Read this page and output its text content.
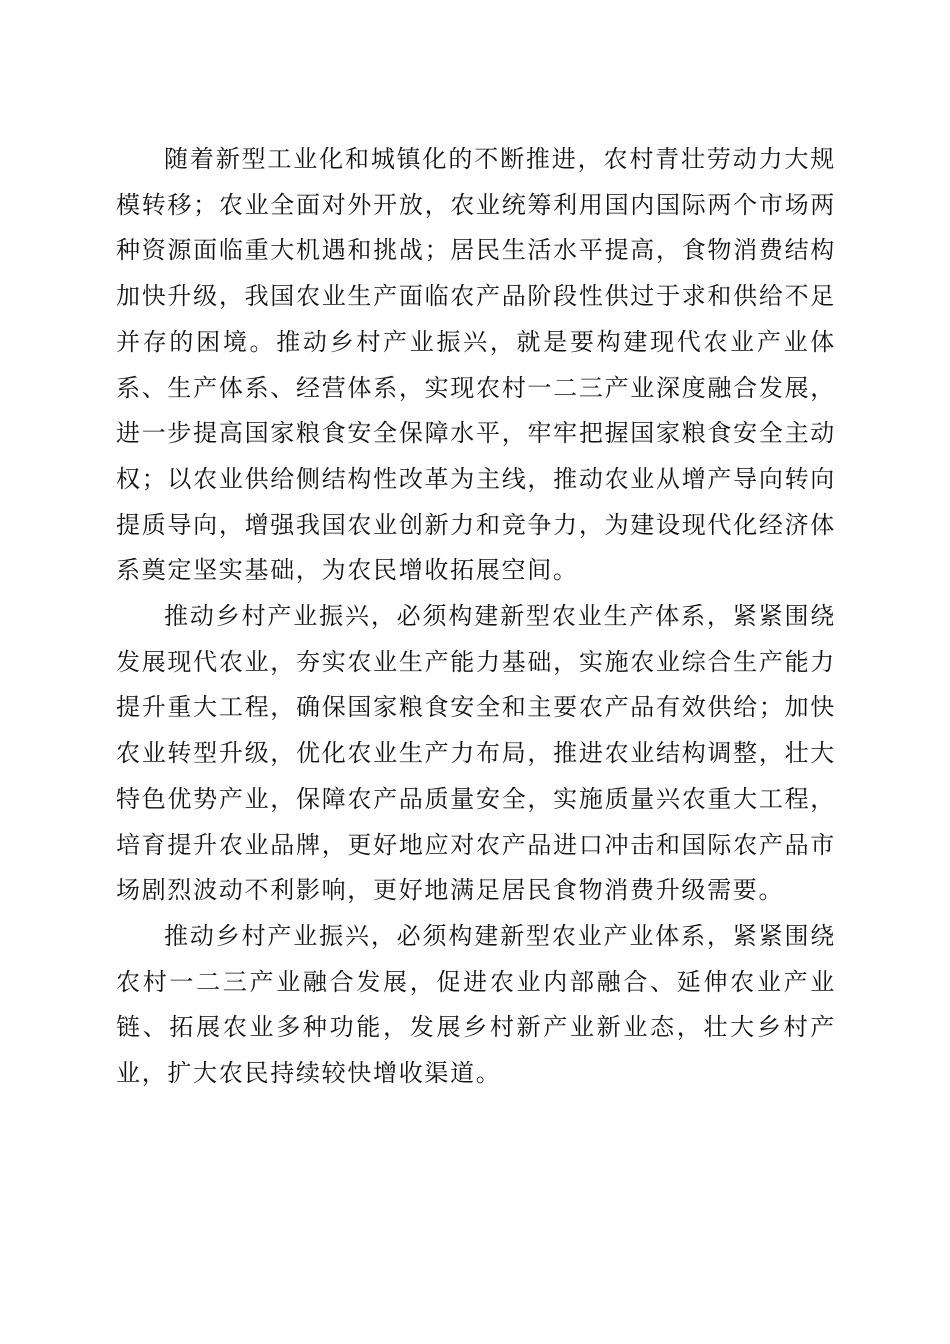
随着新型工业化和城镇化的不断推进，农村青壮劳动力大规模转移；农业全面对外开放，农业统筹利用国内国际两个市场两种资源面临重大机遇和挑战；居民生活水平提高，食物消费结构加快升级，我国农业生产面临农产品阶段性供过于求和供给不足并存的困境。推动乡村产业振兴，就是要构建现代农业产业体系、生产体系、经营体系，实现农村一二三产业深度融合发展，进一步提高国家粮食安全保障水平，牢牢把握国家粮食安全主动权；以农业供给侧结构性改革为主线，推动农业从增产导向转向提质导向，增强我国农业创新力和竞争力，为建设现代化经济体系奠定坚实基础，为农民增收拓展空间。

推动乡村产业振兴，必须构建新型农业生产体系，紧紧围绕发展现代农业，夯实农业生产能力基础，实施农业综合生产能力提升重大工程，确保国家粮食安全和主要农产品有效供给；加快农业转型升级，优化农业生产力布局，推进农业结构调整，壮大特色优势产业，保障农产品质量安全，实施质量兴农重大工程，培育提升农业品牌，更好地应对农产品进口冲击和国际农产品市场剧烈波动不利影响，更好地满足居民食物消费升级需要。

推动乡村产业振兴，必须构建新型农业产业体系，紧紧围绕农村一二三产业融合发展，促进农业内部融合、延伸农业产业链、拓展农业多种功能，发展乡村新产业新业态，壮大乡村产业，扩大农民持续较快增收渠道。
